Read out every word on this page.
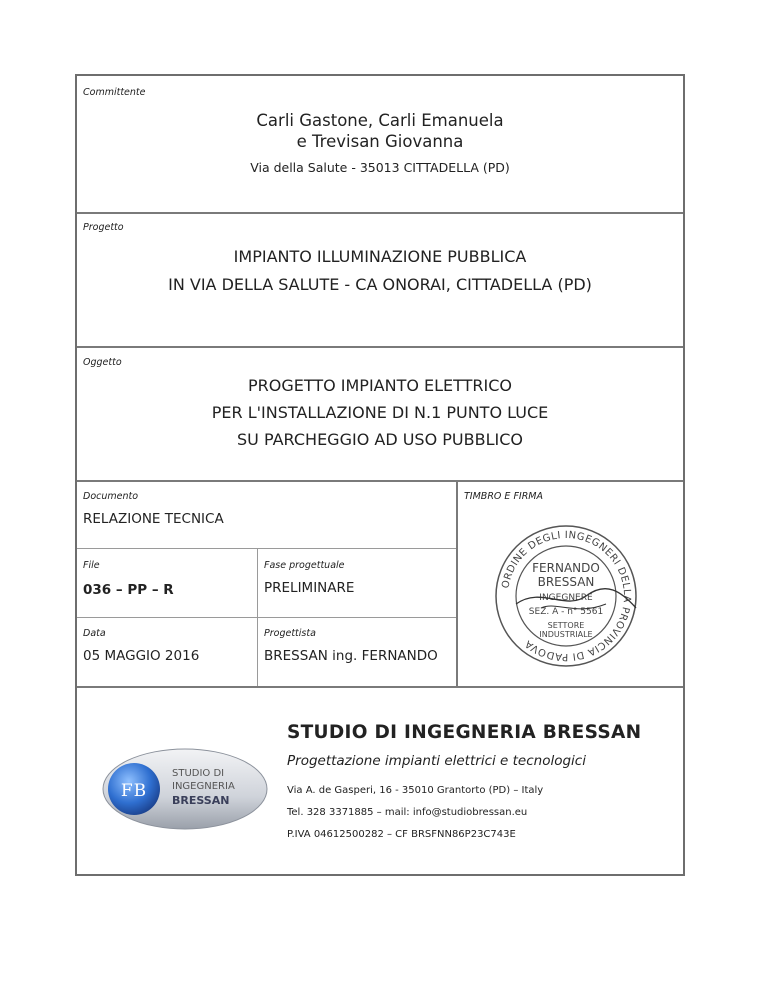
Committente
Carli Gastone, Carli Emanuela
e Trevisan Giovanna
Via della Salute - 35013 CITTADELLA (PD)
Progetto
IMPIANTO ILLUMINAZIONE PUBBLICA
IN VIA DELLA SALUTE - CA ONORAI, CITTADELLA (PD)
Oggetto
PROGETTO IMPIANTO ELETTRICO
PER L'INSTALLAZIONE DI N.1 PUNTO LUCE
SU PARCHEGGIO AD USO PUBBLICO
Documento
RELAZIONE TECNICA
TIMBRO E FIRMA
File
036 – PP – R
Fase progettuale
PRELIMINARE
Data
05 MAGGIO 2016
Progettista
BRESSAN ing. FERNANDO
ORDINE DEGLI INGEGNERI DELLA PROVINCIA DI PADOVA
FERNANDO
BRESSAN
INGEGNERE
SEZ. A - n° 5561
SETTORE
INDUSTRIALE
FB
STUDIO DI
INGEGNERIA
BRESSAN
STUDIO DI INGEGNERIA BRESSAN
Progettazione impianti elettrici e tecnologici
Via A. de Gasperi, 16 - 35010 Grantorto (PD) – Italy
Tel. 328 3371885 – mail: info@studiobressan.eu
P.IVA 04612500282 – CF BRSFNN86P23C743E
